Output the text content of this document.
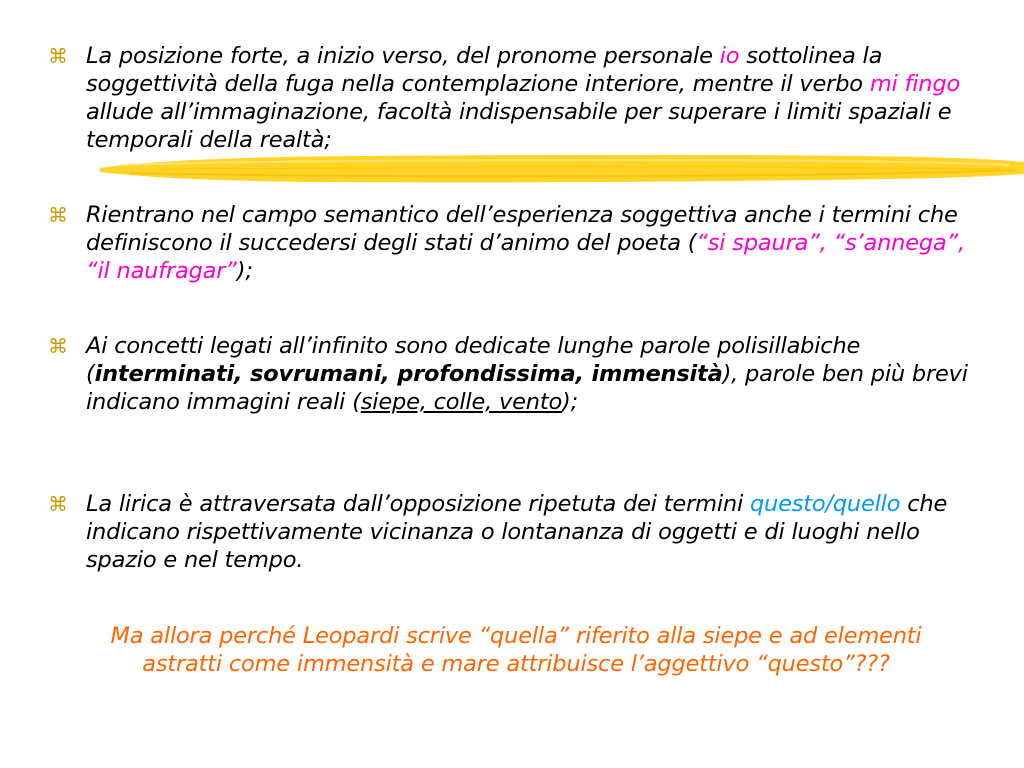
⌘ La posizione forte, a inizio verso, del pronome personale io sottolinea la soggettività della fuga nella contemplazione interiore, mentre il verbo mi fingo allude all’immaginazione, facoltà indispensabile per superare i limiti spaziali e temporali della realtà;
⌘ Rientrano nel campo semantico dell’esperienza soggettiva anche i termini che definiscono il succedersi degli stati d’animo del poeta (“si spaura”, “s’annega”, “il naufragar”);
⌘ Ai concetti legati all’infinito sono dedicate lunghe parole polisillabiche (interminati, sovrumani, profondissima, immensità), parole ben più brevi indicano immagini reali (siepe, colle, vento);
⌘ La lirica è attraversata dall’opposizione ripetuta dei termini questo/quello che indicano rispettivamente vicinanza o lontananza di oggetti e di luoghi nello spazio e nel tempo.
Ma allora perché Leopardi scrive “quella” riferito alla siepe e ad elementi astratti come immensità e mare attribuisce l’aggettivo “questo”???
